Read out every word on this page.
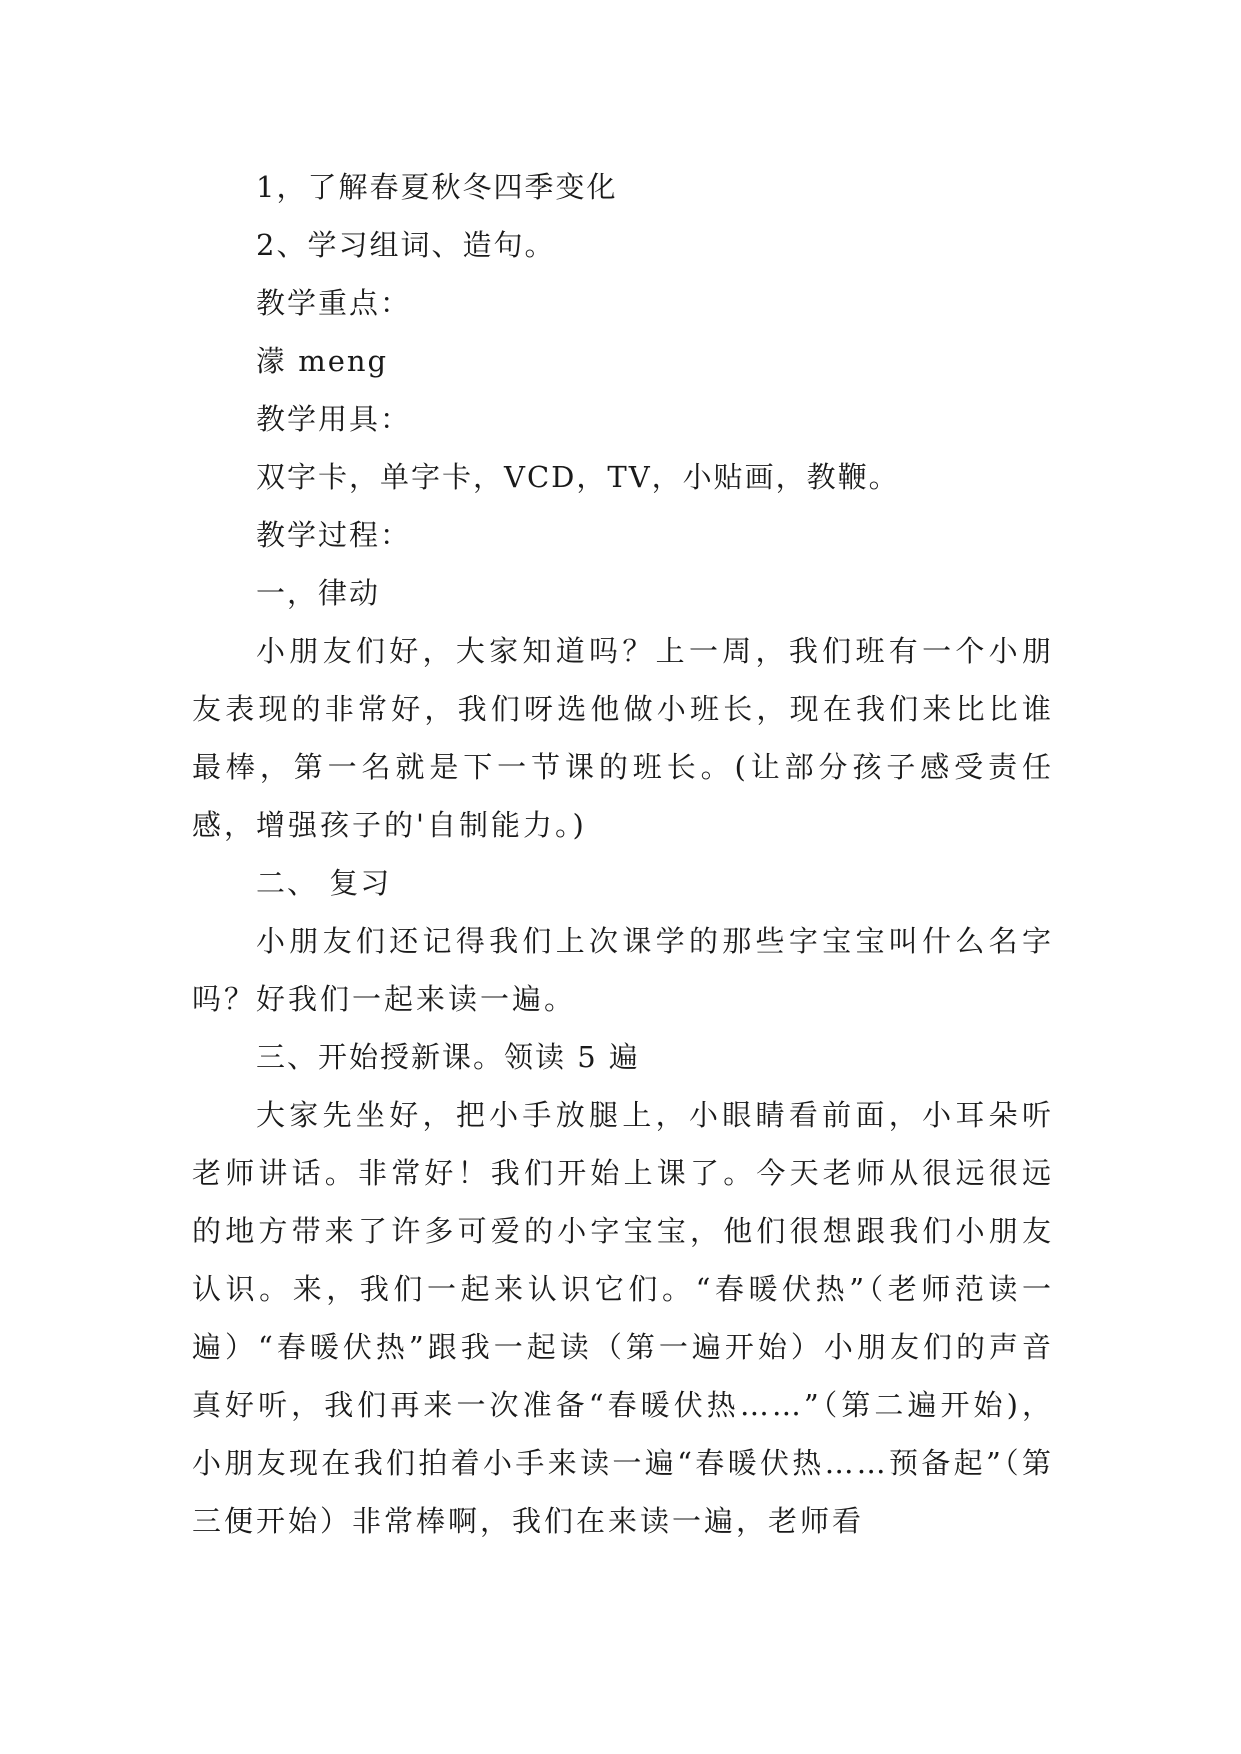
1，了解春夏秋冬四季变化

2、学习组词、造句。

教学重点：

濛 meng

教学用具：

双字卡，单字卡，VCD，TV，小贴画，教鞭。

教学过程：

一，律动

小朋友们好，大家知道吗？上一周，我们班有一个小朋友表现的非常好，我们呀选他做小班长，现在我们来比比谁最棒，第一名就是下一节课的班长。(让部分孩子感受责任感，增强孩子的'自制能力。)

二、 复习

小朋友们还记得我们上次课学的那些字宝宝叫什么名字吗？好我们一起来读一遍。

三、开始授新课。领读 5 遍

大家先坐好，把小手放腿上，小眼睛看前面，小耳朵听老师讲话。非常好！我们开始上课了。今天老师从很远很远的地方带来了许多可爱的小字宝宝，他们很想跟我们小朋友认识。来，我们一起来认识它们。“春暖伏热”（老师范读一遍）“春暖伏热”跟我一起读（第一遍开始）小朋友们的声音真好听，我们再来一次准备“春暖伏热……”（第二遍开始)，小朋友现在我们拍着小手来读一遍“春暖伏热……预备起”（第三便开始）非常棒啊，我们在来读一遍，老师看
